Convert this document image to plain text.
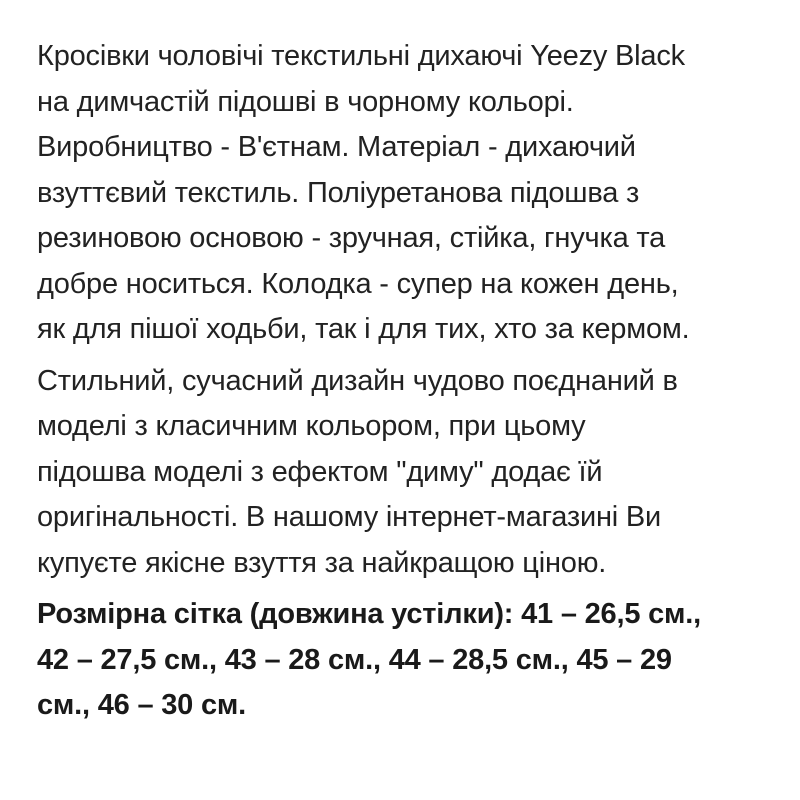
Кросівки чоловічі текстильні дихаючі Yeezy Black
на димчастій підошві в чорному кольорі.
Виробництво - В'єтнам. Матеріал - дихаючий
взуттєвий текстиль. Поліуретанова підошва з
резиновою основою - зручная, стійка, гнучка та
добре носиться. Колодка - супер на кожен день,
як для пішої ходьби, так і для тих, хто за кермом.
Стильний, сучасний дизайн чудово поєднаний в
моделі з класичним кольором, при цьому
підошва моделі з ефектом "диму" додає їй
оригінальності. В нашому інтернет-магазині Ви
купуєте якісне взуття за найкращою ціною.
Розмірна сітка (довжина устілки): 41 – 26,5 см.,
42 – 27,5 см., 43 – 28 см., 44 – 28,5 см., 45 – 29
см., 46 – 30 см.
